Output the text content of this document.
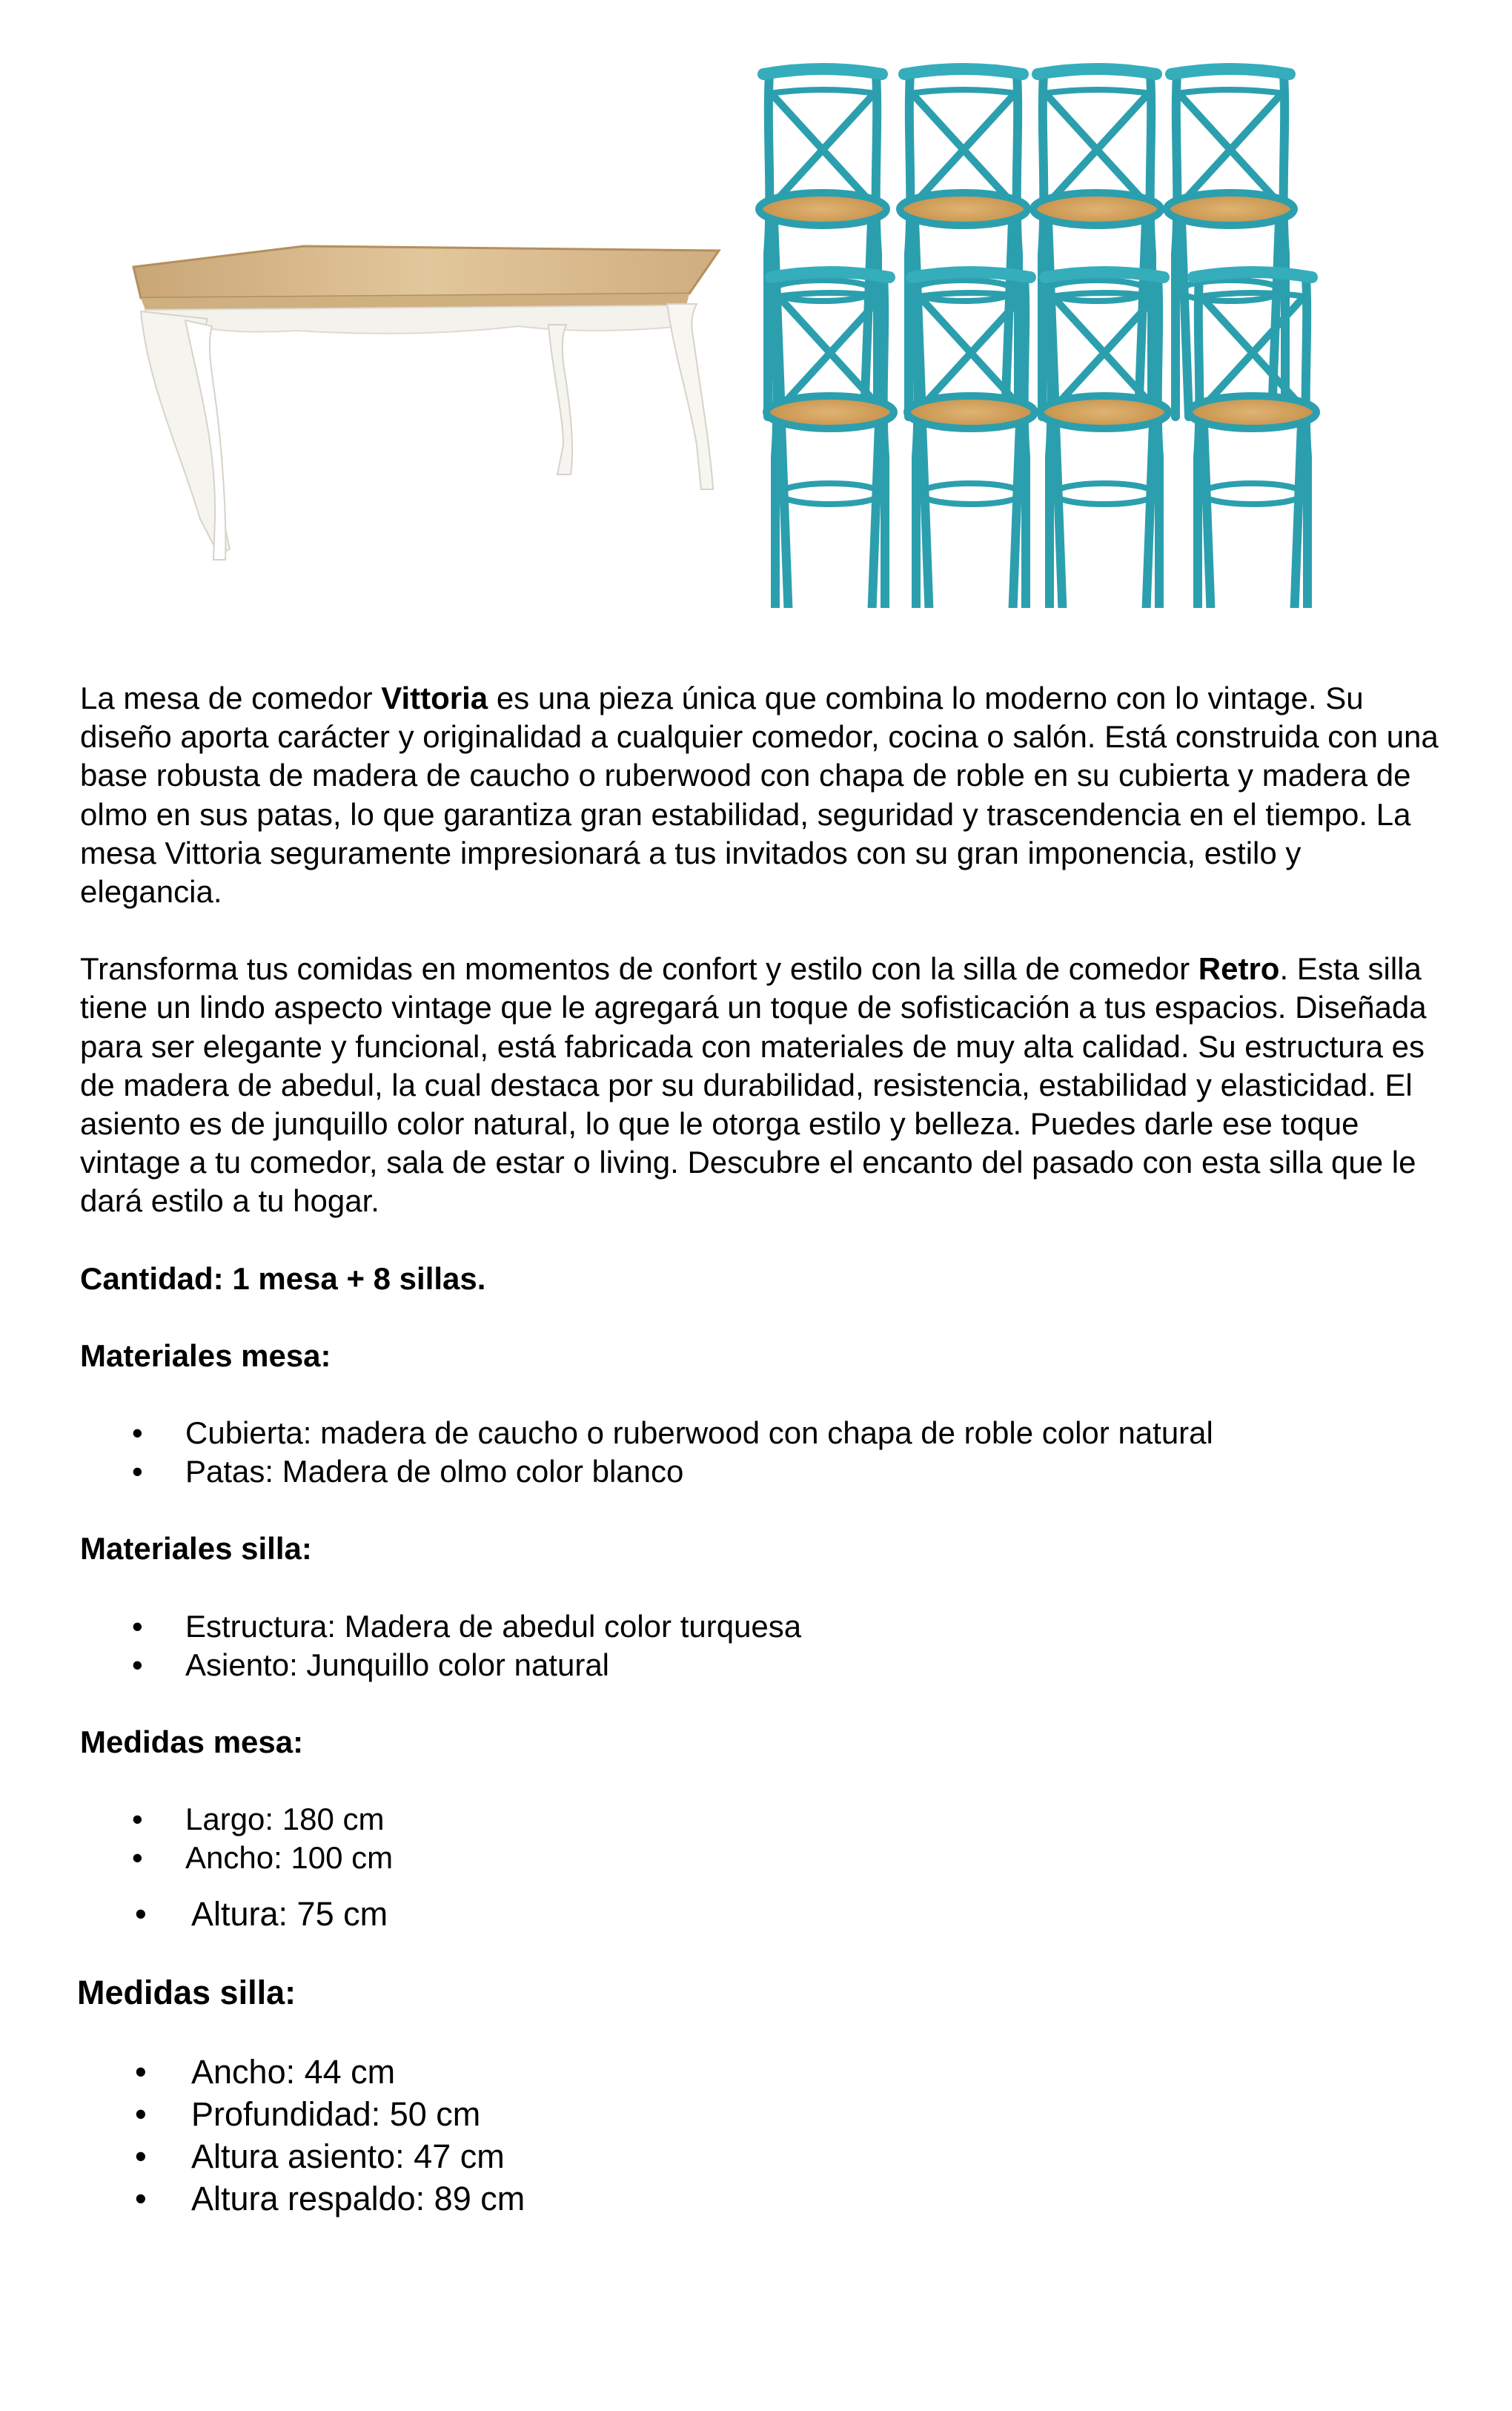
La mesa de comedor Vittoria es una pieza única que combina lo moderno con lo vintage. Su diseño aporta carácter y originalidad a cualquier comedor, cocina o salón. Está construida con una base robusta de madera de caucho o ruberwood con chapa de roble en su cubierta y madera de olmo en sus patas, lo que garantiza gran estabilidad, seguridad y trascendencia en el tiempo. La mesa Vittoria seguramente impresionará a tus invitados con su gran imponencia, estilo y elegancia.

Transforma tus comidas en momentos de confort y estilo con la silla de comedor Retro. Esta silla tiene un lindo aspecto vintage que le agregará un toque de sofisticación a tus espacios. Diseñada para ser elegante y funcional, está fabricada con materiales de muy alta calidad. Su estructura es de madera de abedul, la cual destaca por su durabilidad, resistencia, estabilidad y elasticidad. El asiento es de junquillo color natural, lo que le otorga estilo y belleza. Puedes darle ese toque vintage a tu comedor, sala de estar o living. Descubre el encanto del pasado con esta silla que le dará estilo a tu hogar.

Cantidad: 1 mesa + 8 sillas.

Materiales mesa:

• Cubierta: madera de caucho o ruberwood con chapa de roble color natural
• Patas: Madera de olmo color blanco

Materiales silla:

• Estructura: Madera de abedul color turquesa
• Asiento: Junquillo color natural

Medidas mesa:

• Largo: 180 cm
• Ancho: 100 cm
• Altura: 75 cm

Medidas silla:

• Ancho: 44 cm
• Profundidad: 50 cm
• Altura asiento: 47 cm
• Altura respaldo: 89 cm
